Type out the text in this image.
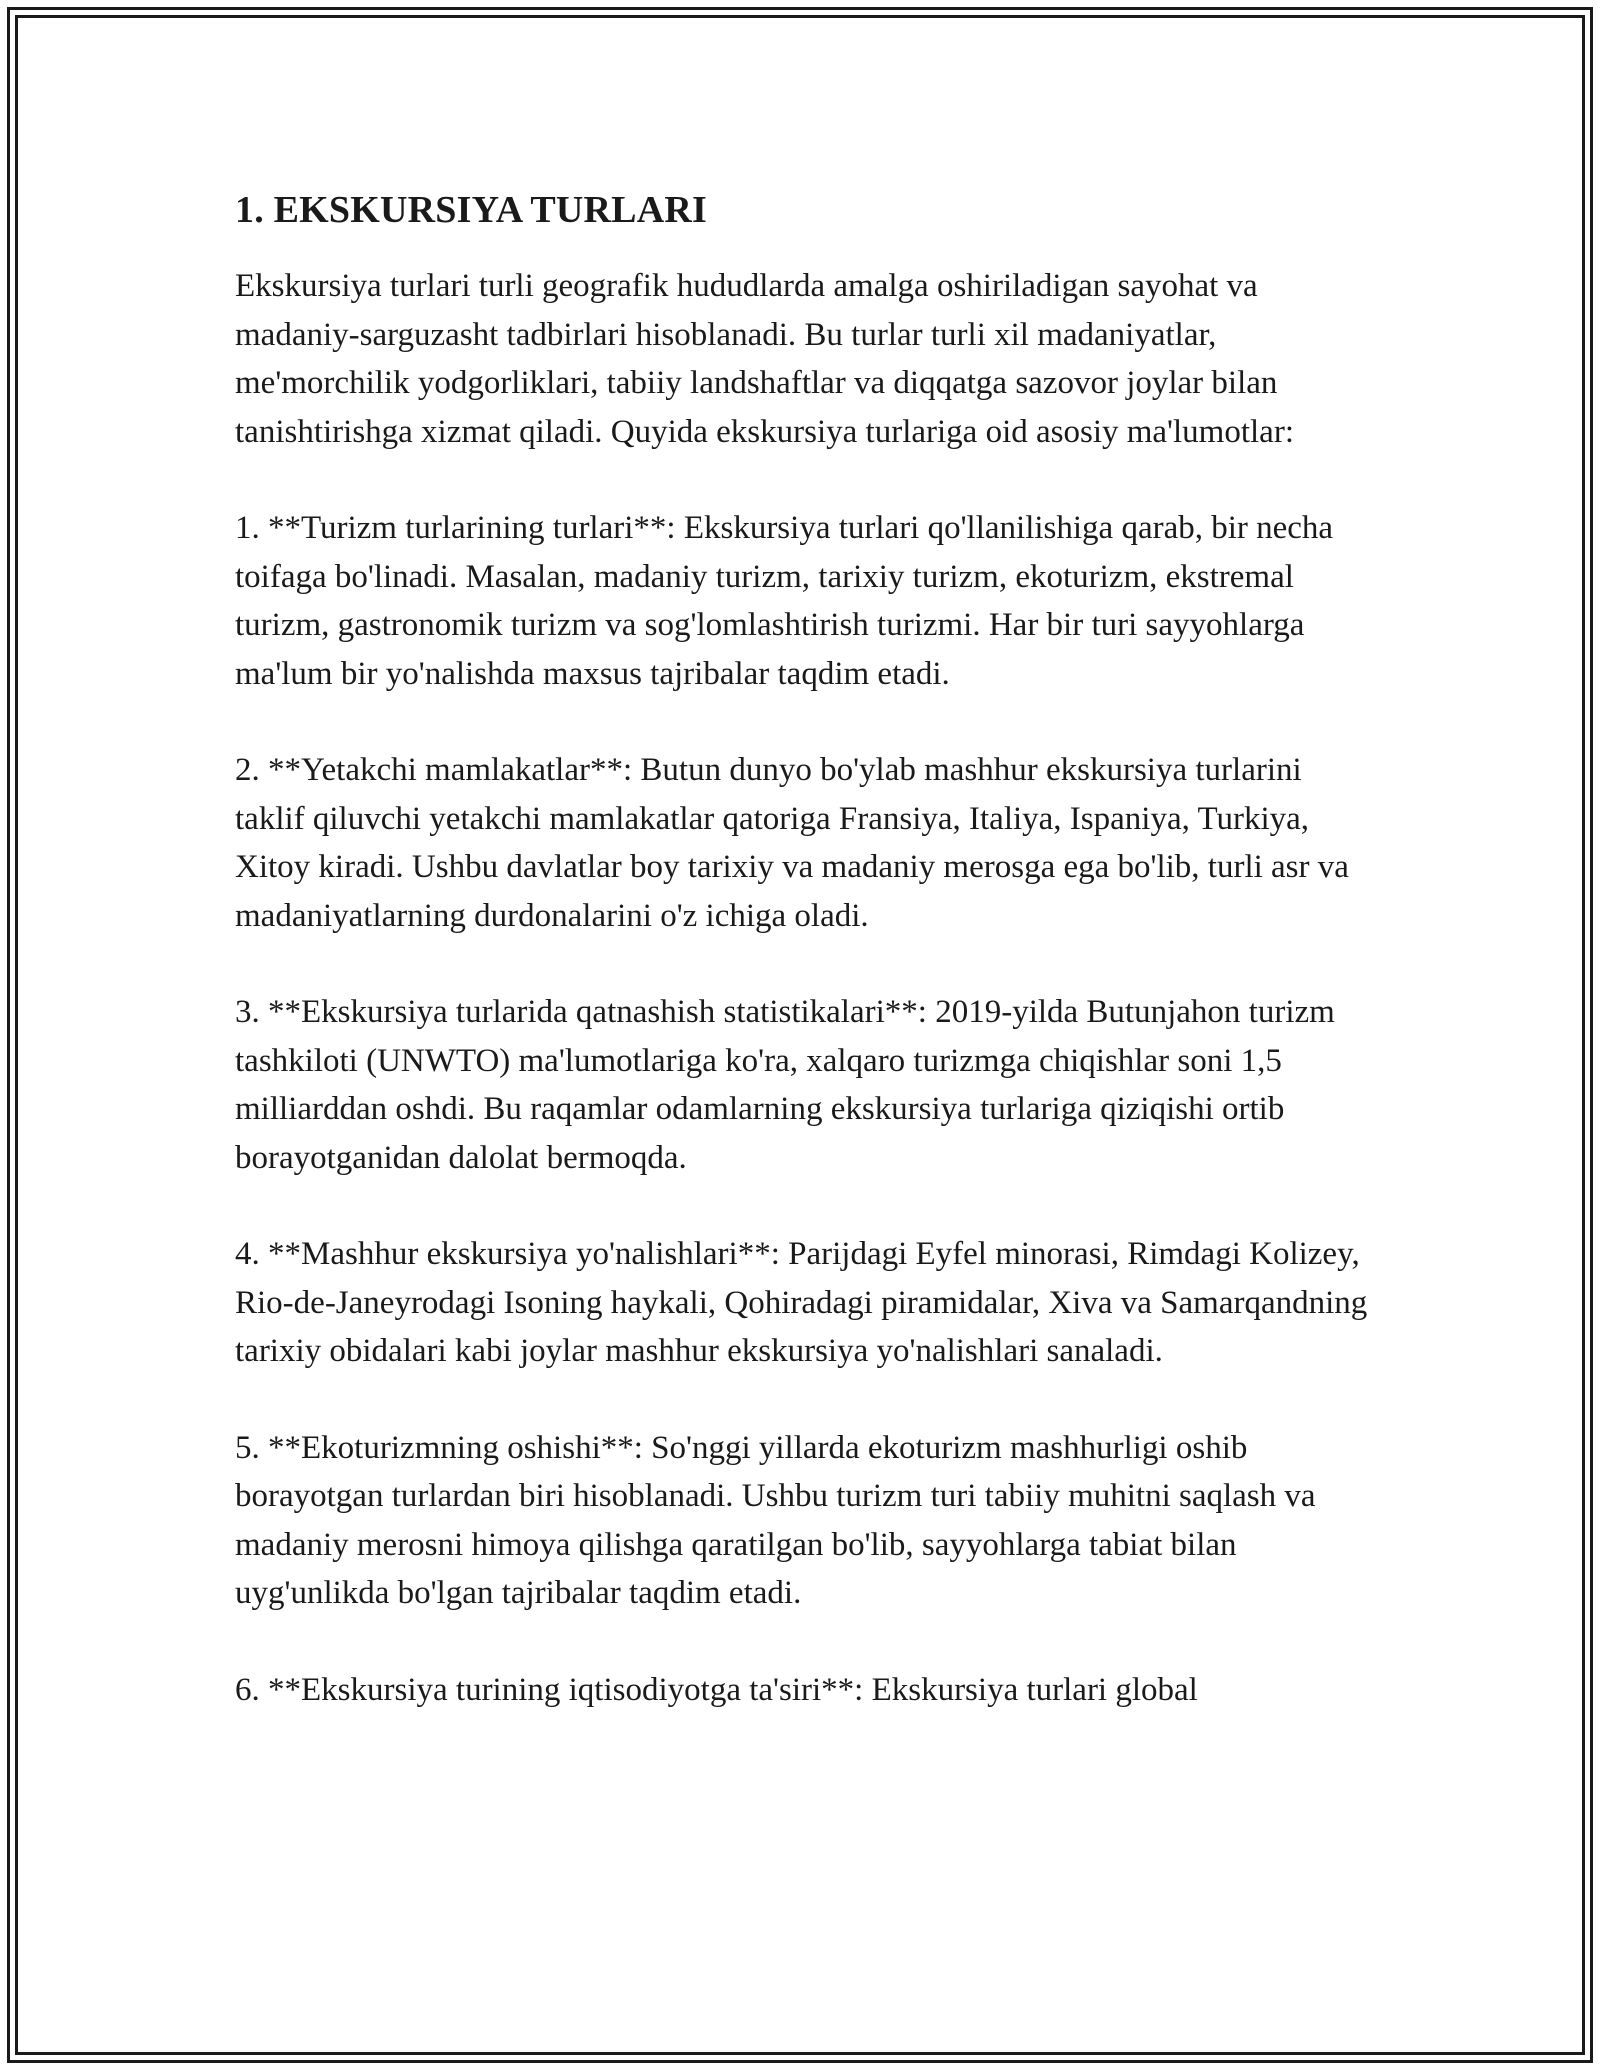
1. EKSKURSIYA TURLARI

Ekskursiya turlari turli geografik hududlarda amalga oshiriladigan sayohat va madaniy-sarguzasht tadbirlari hisoblanadi. Bu turlar turli xil madaniyatlar, me'morchilik yodgorliklari, tabiiy landshaftlar va diqqatga sazovor joylar bilan tanishtirishga xizmat qiladi. Quyida ekskursiya turlariga oid asosiy ma'lumotlar:

1. **Turizm turlarining turlari**: Ekskursiya turlari qo'llanilishiga qarab, bir necha toifaga bo'linadi. Masalan, madaniy turizm, tarixiy turizm, ekoturizm, ekstremal turizm, gastronomik turizm va sog'lomlashtirish turizmi. Har bir turi sayyohlarga ma'lum bir yo'nalishda maxsus tajribalar taqdim etadi.

2. **Yetakchi mamlakatlar**: Butun dunyo bo'ylab mashhur ekskursiya turlarini taklif qiluvchi yetakchi mamlakatlar qatoriga Fransiya, Italiya, Ispaniya, Turkiya, Xitoy kiradi. Ushbu davlatlar boy tarixiy va madaniy merosga ega bo'lib, turli asr va madaniyatlarning durdonalarini o'z ichiga oladi.

3. **Ekskursiya turlarida qatnashish statistikalari**: 2019-yilda Butunjahon turizm tashkiloti (UNWTO) ma'lumotlariga ko'ra, xalqaro turizmga chiqishlar soni 1,5 milliarddan oshdi. Bu raqamlar odamlarning ekskursiya turlariga qiziqishi ortib borayotganidan dalolat bermoqda.

4. **Mashhur ekskursiya yo'nalishlari**: Parijdagi Eyfel minorasi, Rimdagi Kolizey, Rio-de-Janeyrodagi Isoning haykali, Qohiradagi piramidalar, Xiva va Samarqandning tarixiy obidalari kabi joylar mashhur ekskursiya yo'nalishlari sanaladi.

5. **Ekoturizmning oshishi**: So'nggi yillarda ekoturizm mashhurligi oshib borayotgan turlardan biri hisoblanadi. Ushbu turizm turi tabiiy muhitni saqlash va madaniy merosni himoya qilishga qaratilgan bo'lib, sayyohlarga tabiat bilan uyg'unlikda bo'lgan tajribalar taqdim etadi.

6. **Ekskursiya turining iqtisodiyotga ta'siri**: Ekskursiya turlari global
